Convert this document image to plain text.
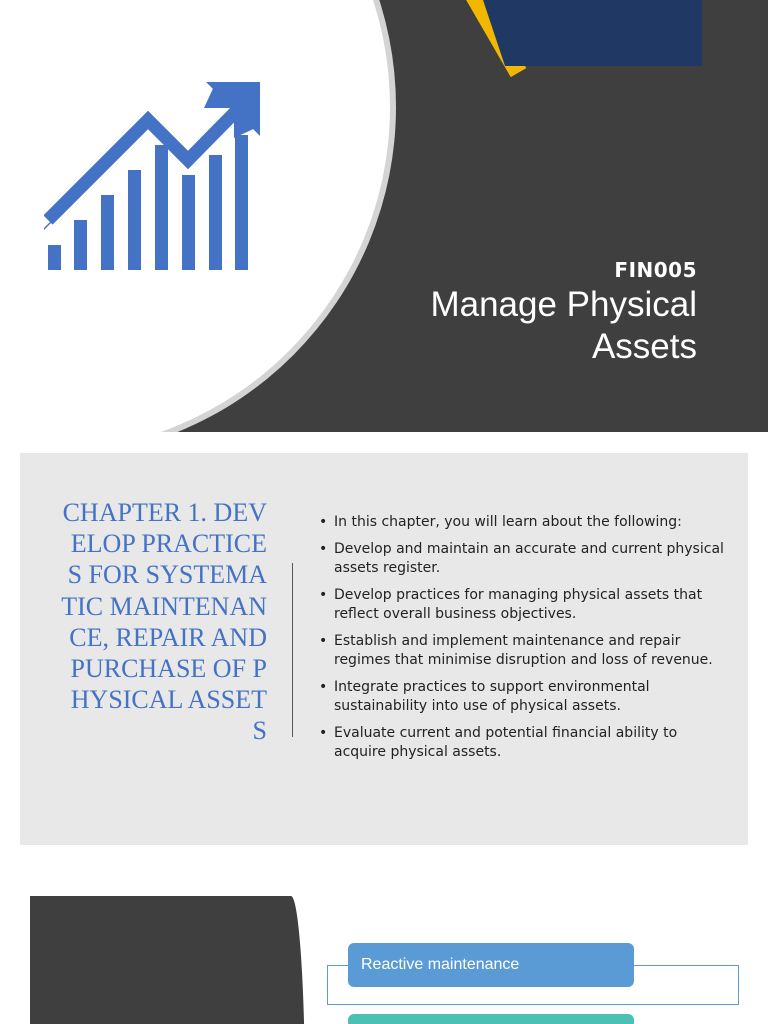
FIN005
Manage Physical Assets
CHAPTER 1. DEVELOP PRACTICES FOR SYSTEMATIC MAINTENANCE, REPAIR AND PURCHASE OF PHYSICAL ASSETS
• In this chapter, you will learn about the following:
• Develop and maintain an accurate and current physical assets register.
• Develop practices for managing physical assets that reflect overall business objectives.
• Establish and implement maintenance and repair regimes that minimise disruption and loss of revenue.
• Integrate practices to support environmental sustainability into use of physical assets.
• Evaluate current and potential financial ability to acquire physical assets.
Reactive maintenance
